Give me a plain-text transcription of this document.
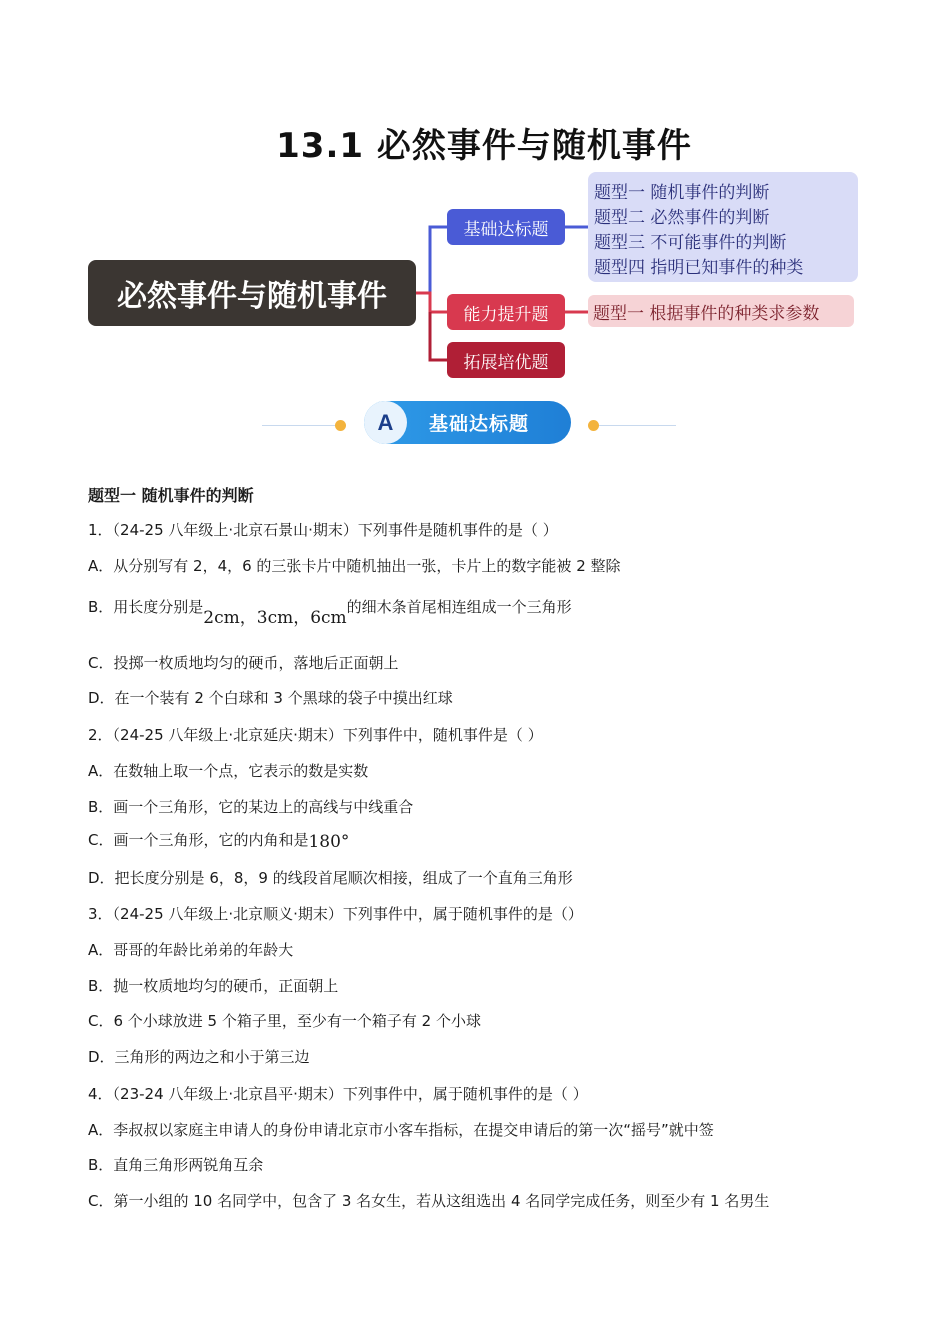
13.1 必然事件与随机事件
必然事件与随机事件
基础达标题
能力提升题
拓展培优题
题型一 随机事件的判断
题型二 必然事件的判断
题型三 不可能事件的判断
题型四 指明已知事件的种类
题型一 根据事件的种类求参数
A	基础达标题
题型一 随机事件的判断
1．（24-25 八年级上·北京石景山·期末）下列事件是随机事件的是（ ）
A．从分别写有 2，4，6 的三张卡片中随机抽出一张，卡片上的数字能被 2 整除
B．用长度分别是2cm，3cm，6cm的细木条首尾相连组成一个三角形
C．投掷一枚质地均匀的硬币，落地后正面朝上
D．在一个装有 2 个白球和 3 个黑球的袋子中摸出红球
2．（24-25 八年级上·北京延庆·期末）下列事件中，随机事件是（ ）
A．在数轴上取一个点，它表示的数是实数
B．画一个三角形，它的某边上的高线与中线重合
C．画一个三角形，它的内角和是180°
D．把长度分别是 6，8，9 的线段首尾顺次相接，组成了一个直角三角形
3．（24-25 八年级上·北京顺义·期末）下列事件中，属于随机事件的是（）
A．哥哥的年龄比弟弟的年龄大
B．抛一枚质地均匀的硬币，正面朝上
C．6 个小球放进 5 个箱子里，至少有一个箱子有 2 个小球
D．三角形的两边之和小于第三边
4．（23-24 八年级上·北京昌平·期末）下列事件中，属于随机事件的是（ ）
A．李叔叔以家庭主申请人的身份申请北京市小客车指标，在提交申请后的第一次“摇号”就中签
B．直角三角形两锐角互余
C．第一小组的 10 名同学中，包含了 3 名女生，若从这组选出 4 名同学完成任务，则至少有 1 名男生
